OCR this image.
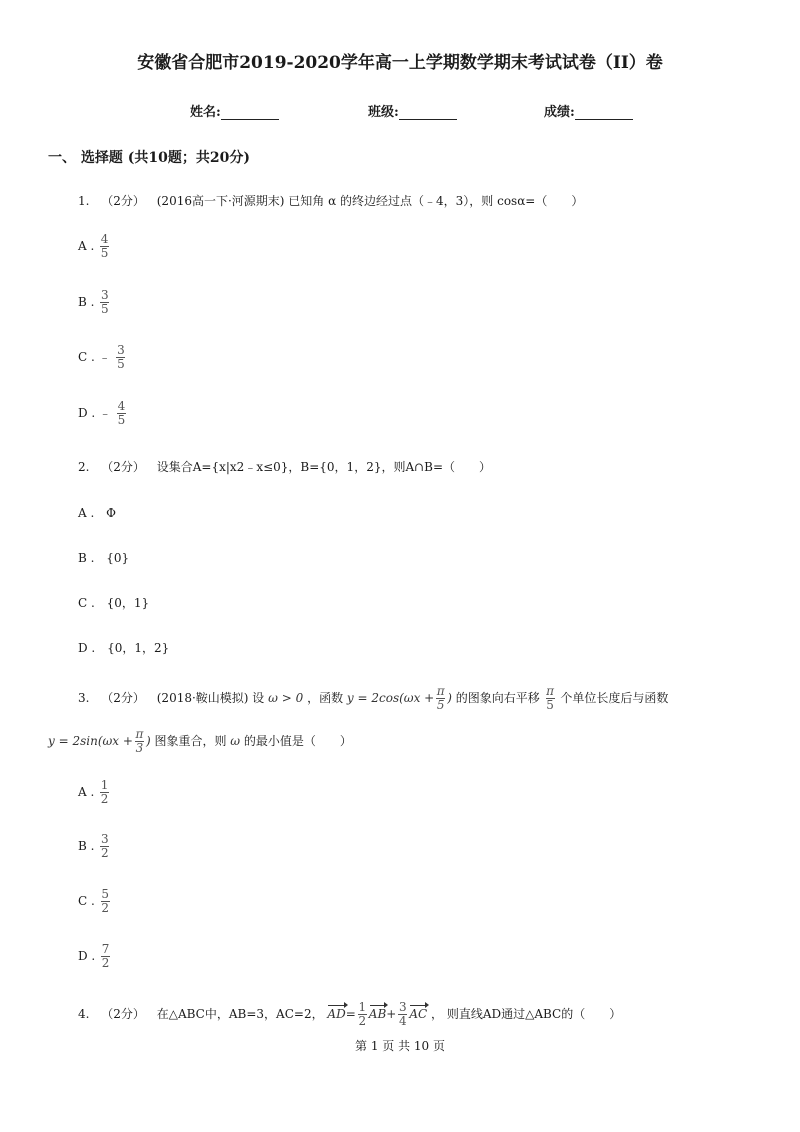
安徽省合肥市2019-2020学年高一上学期数学期末考试试卷（II）卷
姓名:	班级:	成绩:
一、 选择题 (共10题；共20分)
1. （2分） (2016高一下·河源期末) 已知角 α 的终边经过点（﹣4，3），则 cosα=（　　）
A . $\frac{4}{5}$
B . $\frac{3}{5}$
C . ﹣ $\frac{3}{5}$
D . ﹣ $\frac{4}{5}$
2. （2分） 设集合A={x|x2﹣x≤0}，B={0，1，2}，则A∩B=（　　）
A . Φ
B . {0}
C . {0，1}
D . {0，1，2}
3. （2分） (2018·鞍山模拟) 设 ω > 0 ，函数 $y = 2\cos(\omega x + \frac{\pi}{5}$ ) 的图象向右平移 $\frac{\pi}{5}$ 个单位长度后与函数
$y = 2\sin(\omega x + \frac{\pi}{3}$ ) 图象重合，则 ω 的最小值是（　　）
A . $\frac{1}{2}$
B . $\frac{3}{2}$
C . $\frac{5}{2}$
D . $\frac{7}{2}$
4. （2分） 在△ABC中，AB=3，AC=2， $AD= \frac{1}{2} AB+ \frac{3}{4}$ AC ， 则直线AD通过△ABC的（　　）
第 1 页 共 10 页
